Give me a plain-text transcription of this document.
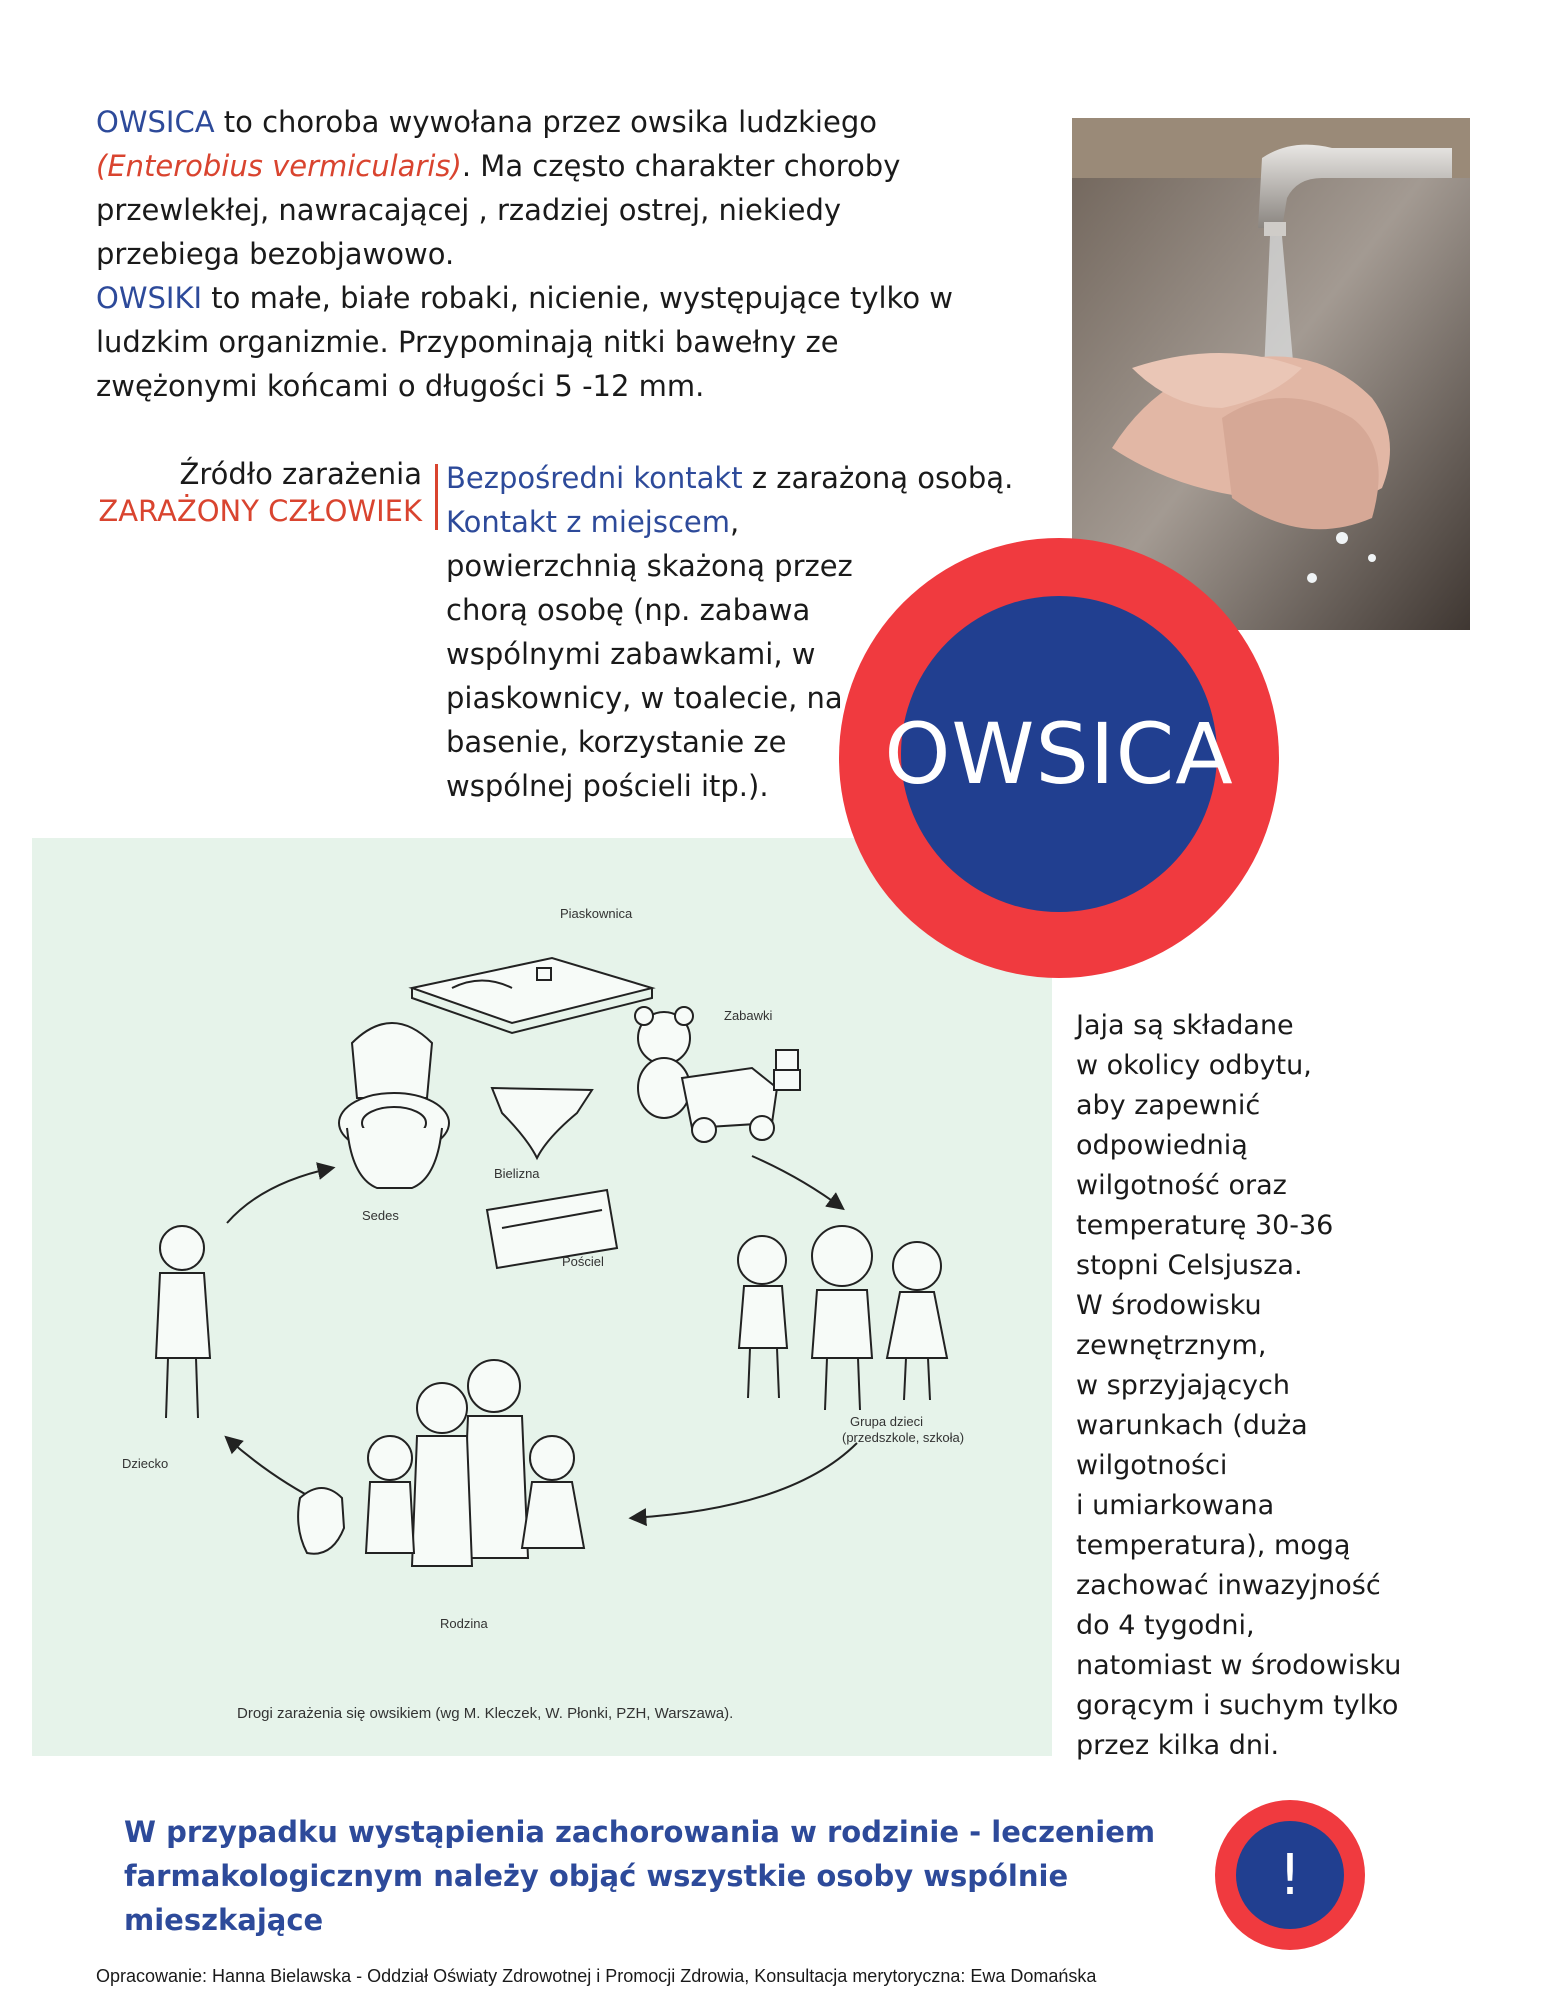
OWSICA to choroba wywołana przez owsika ludzkiego
(Enterobius vermicularis). Ma często charakter choroby przewlekłej, nawracającej , rzadziej ostrej, niekiedy przebiega bezobjawowo.

OWSIKI to małe, białe robaki, nicienie, występujące tylko w ludzkim organizmie. Przypominają nitki bawełny ze zwężonymi końcami o długości 5 -12 mm.

Źródło zarażenia
ZARAŻONY CZŁOWIEK

Bezpośredni kontakt z zarażoną osobą.

Kontakt z miejscem, powierzchnią skażoną przez chorą osobę (np. zabawa wspólnymi zabawkami, w piaskownicy, w toalecie, na basenie, korzystanie ze wspólnej pościeli itp.).

Piaskownica
Zabawki
Sedes
Bielizna
Pościel
Dziecko
Grupa dzieci
(przedszkole, szkoła)
Rodzina
Drogi zarażenia się owsikiem (wg M. Kleczek, W. Płonki, PZH, Warszawa).
OWSICA

Jaja są składane

w okolicy odbytu,

aby zapewnić

odpowiednią

wilgotność oraz

temperaturę 30-36

stopni Celsjusza.

W środowisku

zewnętrznym,

w sprzyjających

warunkach (duża

wilgotności

i umiarkowana

temperatura), mogą

zachować inwazyjność

do 4 tygodni,

natomiast w środowisku

gorącym i suchym tylko

przez kilka dni.

W przypadku wystąpienia zachorowania w rodzinie - leczeniem

farmakologicznym należy objąć wszystkie osoby wspólnie mieszkające

!
Opracowanie: Hanna Bielawska - Oddział Oświaty Zdrowotnej i Promocji Zdrowia, Konsultacja merytoryczna: Ewa Domańska
